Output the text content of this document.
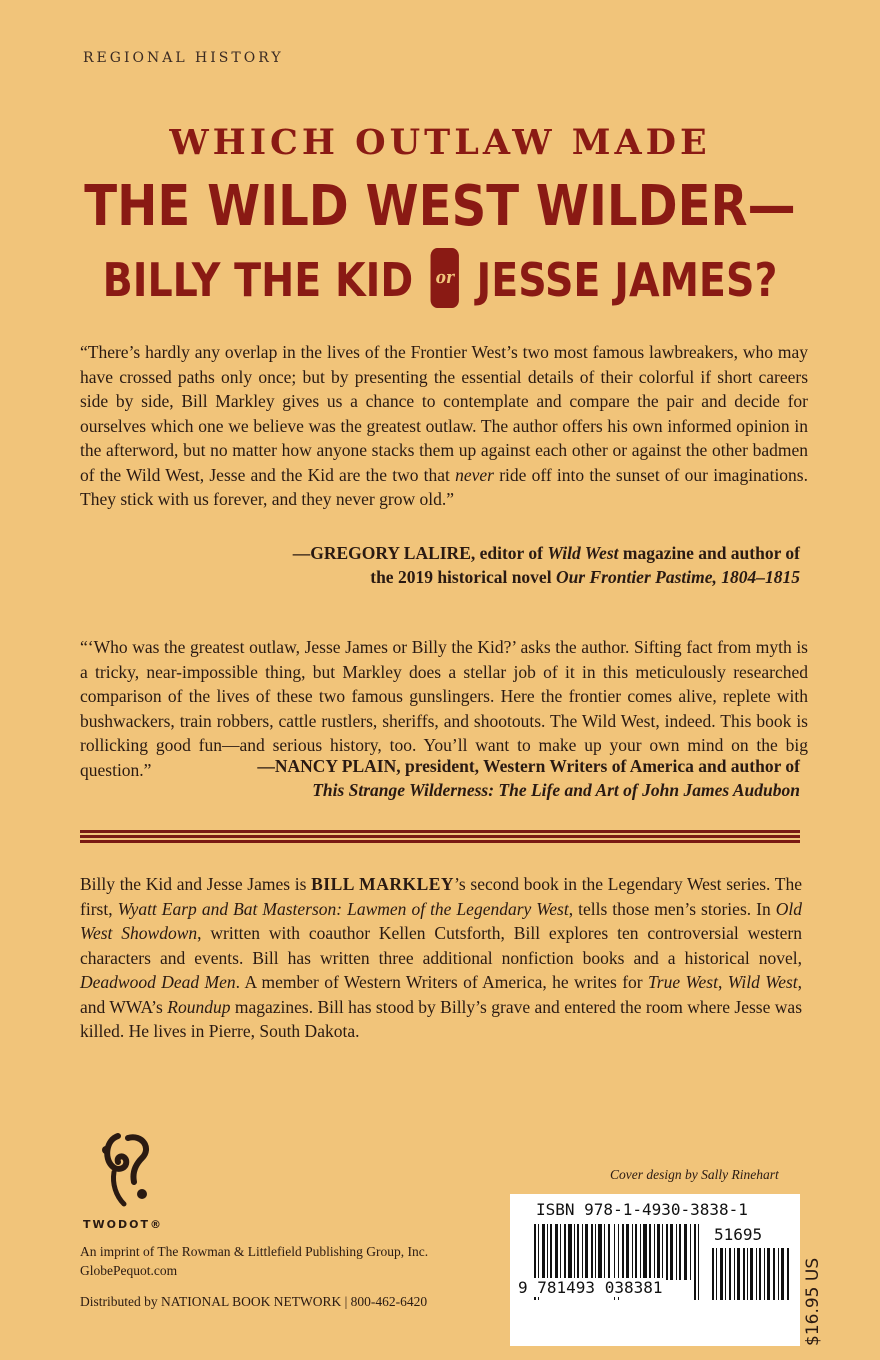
REGIONAL HISTORY
WHICH OUTLAW MADE
THE WILD WEST WILDER—
BILLY THE KID or JESSE JAMES?
“There’s hardly any overlap in the lives of the Frontier West’s two most famous lawbreakers, who may have crossed paths only once; but by presenting the essential details of their colorful if short careers side by side, Bill Markley gives us a chance to contemplate and compare the pair and decide for ourselves which one we believe was the greatest outlaw. The author offers his own informed opinion in the afterword, but no matter how anyone stacks them up against each other or against the other badmen of the Wild West, Jesse and the Kid are the two that never ride off into the sunset of our imaginations. They stick with us forever, and they never grow old.”
—GREGORY LALIRE, editor of Wild West magazine and author of
the 2019 historical novel Our Frontier Pastime, 1804–1815
“‘Who was the greatest outlaw, Jesse James or Billy the Kid?’ asks the author. Sifting fact from myth is a tricky, near-impossible thing, but Markley does a stellar job of it in this meticulously researched comparison of the lives of these two famous gunslingers. Here the frontier comes alive, replete with bushwackers, train robbers, cattle rustlers, sheriffs, and shootouts. The Wild West, indeed. This book is rollicking good fun—and serious history, too. You’ll want to make up your own mind on the big question.”	—NANCY PLAIN, president, Western Writers of America and author of
This Strange Wilderness: The Life and Art of John James Audubon
Billy the Kid and Jesse James is BILL MARKLEY’s second book in the Legendary West series. The first, Wyatt Earp and Bat Masterson: Lawmen of the Legendary West, tells those men’s stories. In Old West Showdown, written with coauthor Kellen Cutsforth, Bill explores ten controversial western characters and events. Bill has written three additional nonfiction books and a historical novel, Deadwood Dead Men. A member of Western Writers of America, he writes for True West, Wild West, and WWA’s Roundup magazines. Bill has stood by Billy’s grave and entered the room where Jesse was killed. He lives in Pierre, South Dakota.
TWODOT®
An imprint of The Rowman & Littlefield Publishing Group, Inc.
GlobePequot.com
Distributed by NATIONAL BOOK NETWORK | 800-462-6420
Cover design by Sally Rinehart
ISBN 978-1-4930-3838-1
51695
9 781493 038381	$16.95 US
